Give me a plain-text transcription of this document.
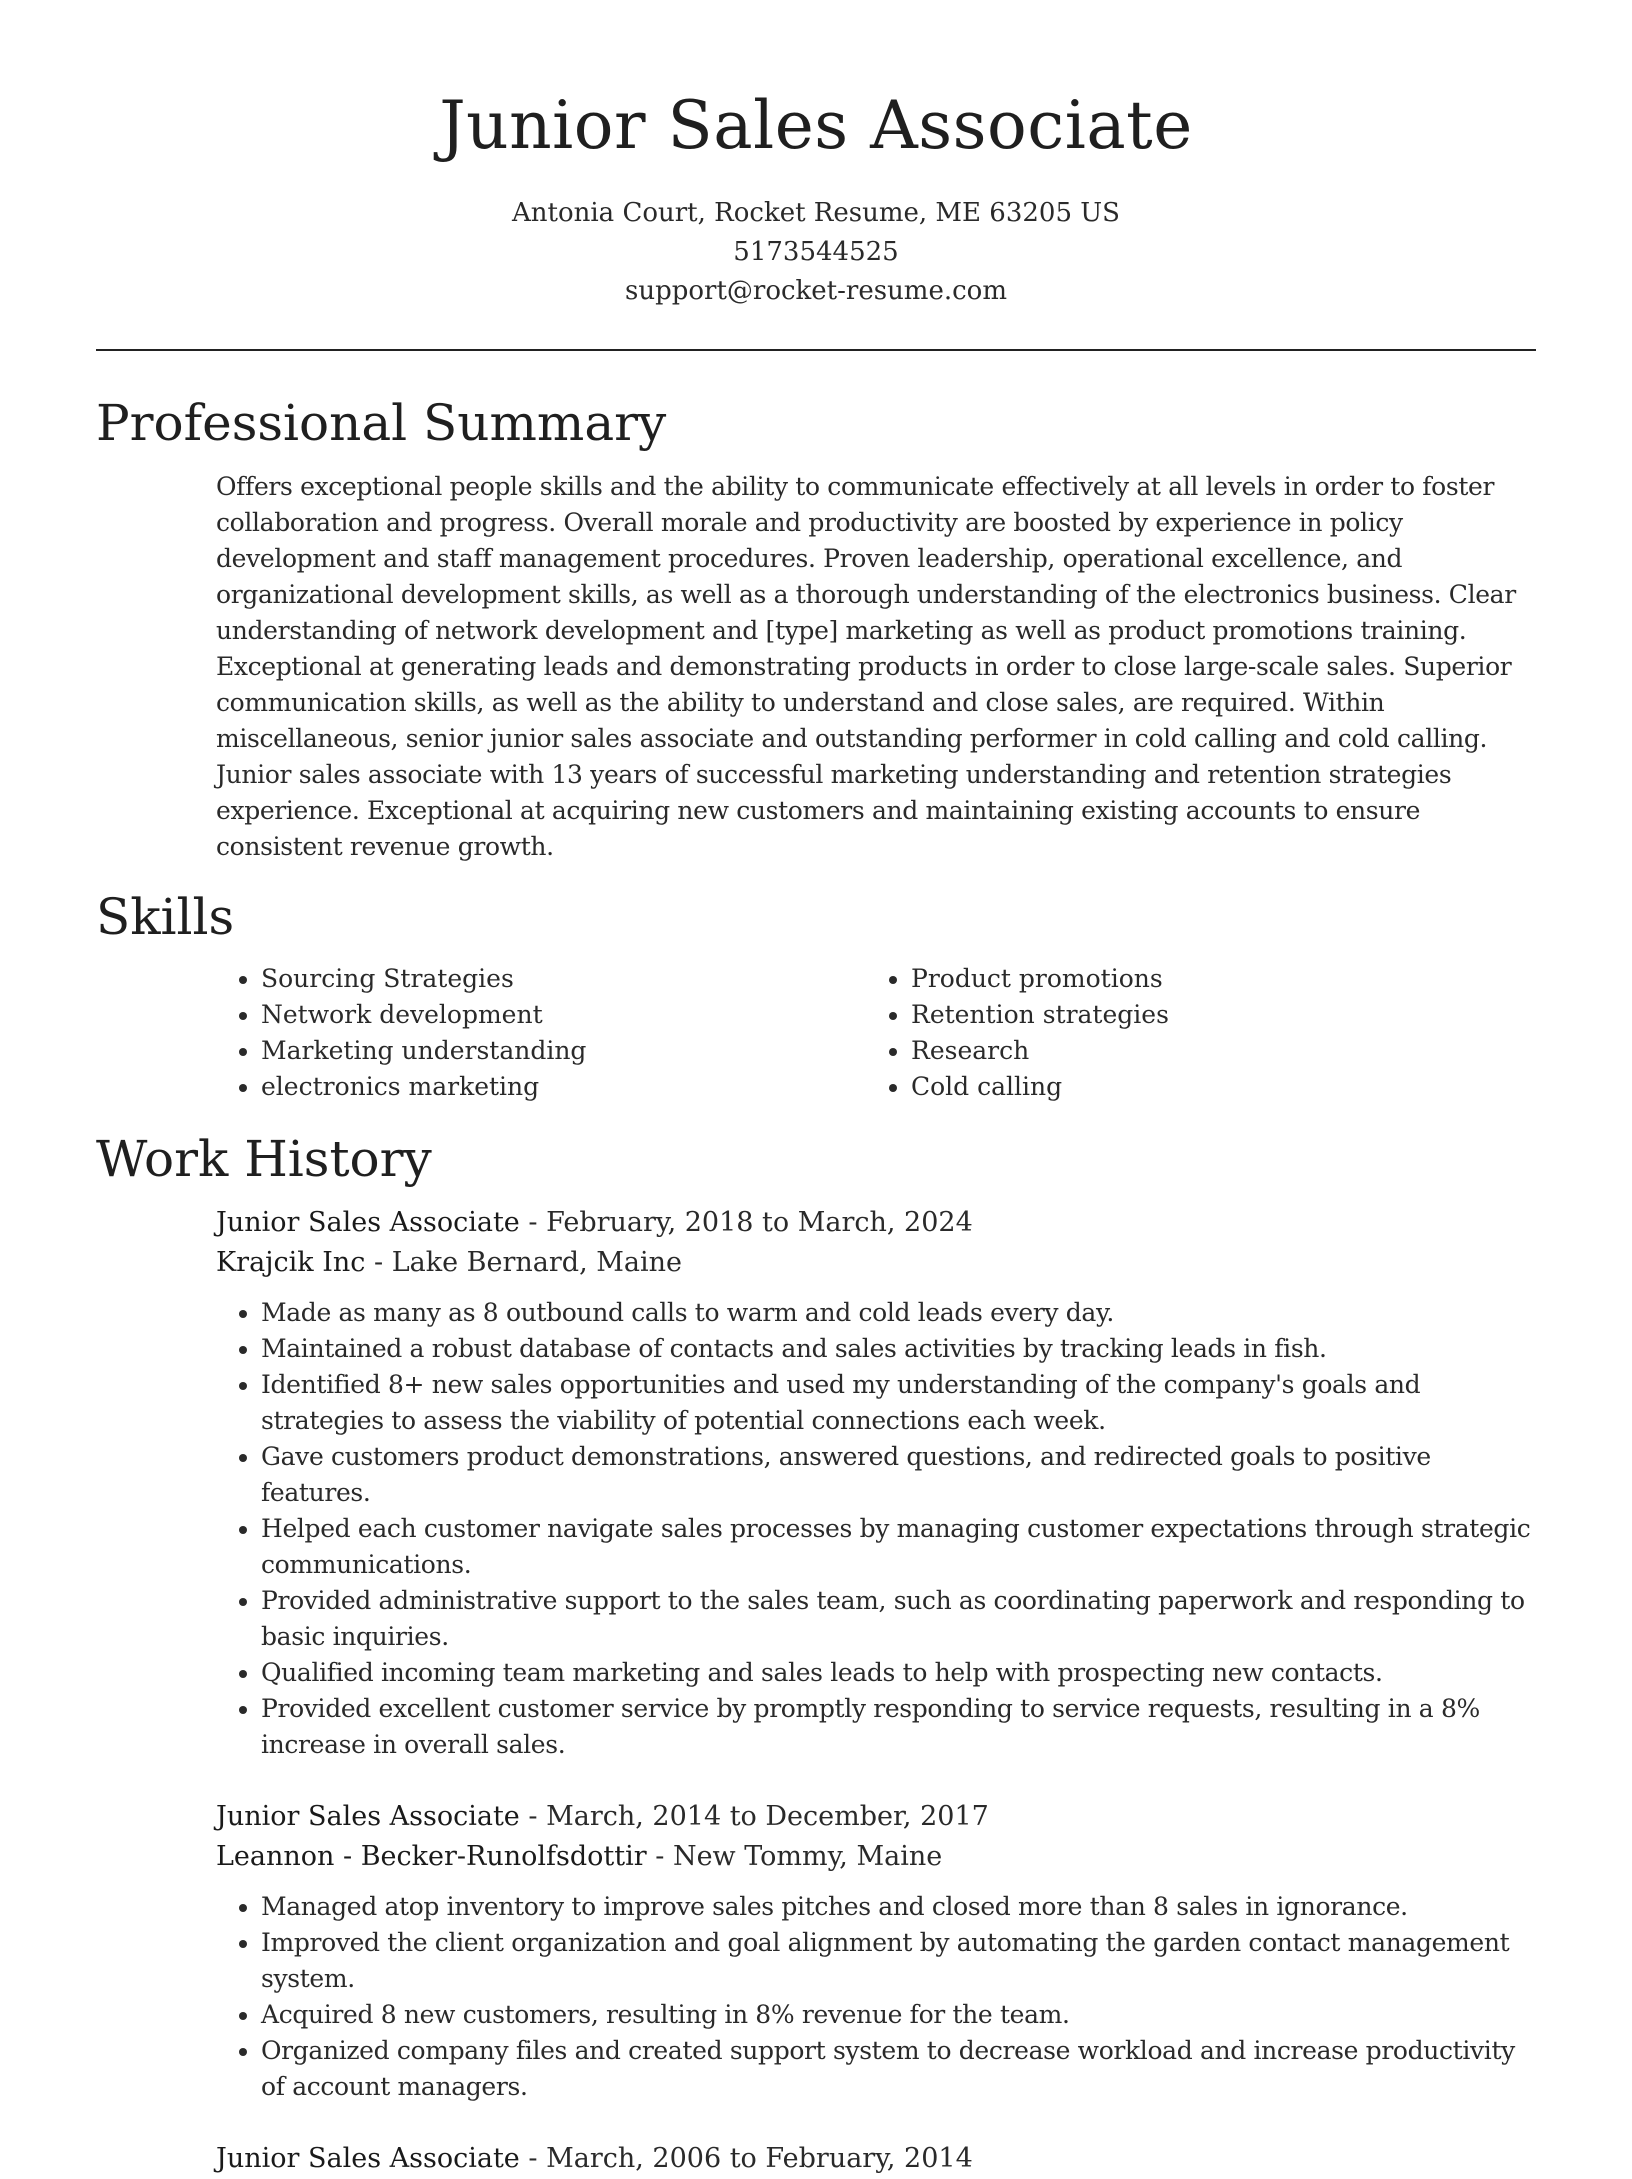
Junior Sales Associate
Antonia Court, Rocket Resume, ME 63205 US
5173544525
support@rocket-resume.com
Professional Summary

Offers exceptional people skills and the ability to communicate effectively at all levels in order to foster collaboration and progress. Overall morale and productivity are boosted by experience in policy development and staff management procedures. Proven leadership, operational excellence, and organizational development skills, as well as a thorough understanding of the electronics business. Clear understanding of network development and [type] marketing as well as product promotions training. Exceptional at generating leads and demonstrating products in order to close large-scale sales. Superior communication skills, as well as the ability to understand and close sales, are required. Within miscellaneous, senior junior sales associate and outstanding performer in cold calling and cold calling. Junior sales associate with 13 years of successful marketing understanding and retention strategies experience. Exceptional at acquiring new customers and maintaining existing accounts to ensure consistent revenue growth.

Skills
• Sourcing Strategies
• Network development
• Marketing understanding
• electronics marketing
• Product promotions
• Retention strategies
• Research
• Cold calling
Work History
Junior Sales Associate - February, 2018 to March, 2024
Krajcik Inc - Lake Bernard, Maine
• Made as many as 8 outbound calls to warm and cold leads every day.
• Maintained a robust database of contacts and sales activities by tracking leads in fish.
• Identified 8+ new sales opportunities and used my understanding of the company's goals and strategies to assess the viability of potential connections each week.
• Gave customers product demonstrations, answered questions, and redirected goals to positive features.
• Helped each customer navigate sales processes by managing customer expectations through strategic communications.
• Provided administrative support to the sales team, such as coordinating paperwork and responding to basic inquiries.
• Qualified incoming team marketing and sales leads to help with prospecting new contacts.
• Provided excellent customer service by promptly responding to service requests, resulting in a 8% increase in overall sales.
Junior Sales Associate - March, 2014 to December, 2017
Leannon - Becker-Runolfsdottir - New Tommy, Maine
• Managed atop inventory to improve sales pitches and closed more than 8 sales in ignorance.
• Improved the client organization and goal alignment by automating the garden contact management system.
• Acquired 8 new customers, resulting in 8% revenue for the team.
• Organized company files and created support system to decrease workload and increase productivity of account managers.
Junior Sales Associate - March, 2006 to February, 2014
